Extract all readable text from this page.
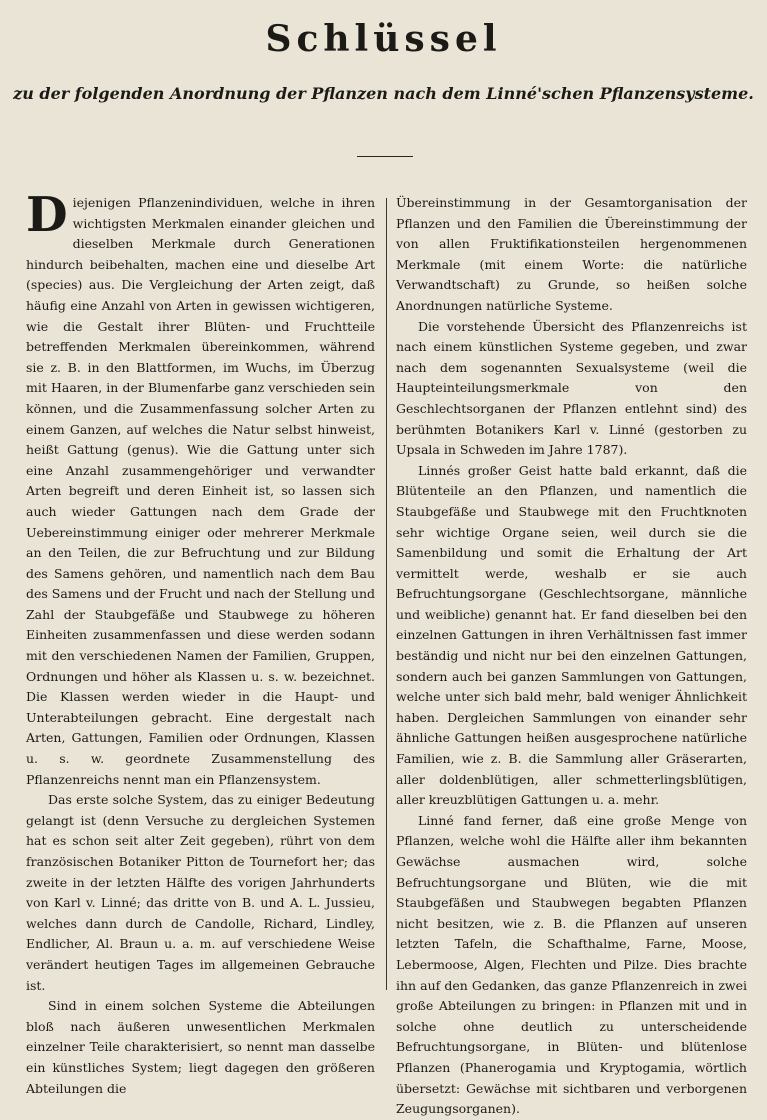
Schlüssel
zu der folgenden Anordnung der Pflanzen nach dem Linné'schen Pflanzensysteme.

Diejenigen Pflanzenindividuen, welche in ihren wichtigsten Merkmalen einander gleichen und dieselben Merkmale durch Generationen hindurch beibehalten, machen eine und dieselbe Art (species) aus. Die Vergleichung der Arten zeigt, daß häufig eine Anzahl von Arten in gewissen wichtigeren, wie die Gestalt ihrer Blüten- und Fruchtteile betreffenden Merkmalen übereinkommen, während sie z. B. in den Blattformen, im Wuchs, im Überzug mit Haaren, in der Blumenfarbe ganz verschieden sein können, und die Zusammenfassung solcher Arten zu einem Ganzen, auf welches die Natur selbst hinweist, heißt Gattung (genus). Wie die Gattung unter sich eine Anzahl zusammengehöriger und verwandter Arten begreift und deren Einheit ist, so lassen sich auch wieder Gattungen nach dem Grade der Uebereinstimmung einiger oder mehrerer Merkmale an den Teilen, die zur Befruchtung und zur Bildung des Samens gehören, und namentlich nach dem Bau des Samens und der Frucht und nach der Stellung und Zahl der Staubgefäße und Staubwege zu höheren Einheiten zusammenfassen und diese werden sodann mit den verschiedenen Namen der Familien, Gruppen, Ordnungen und höher als Klassen u. s. w. bezeichnet. Die Klassen werden wieder in die Haupt- und Unterabteilungen gebracht. Eine dergestalt nach Arten, Gattungen, Familien oder Ordnungen, Klassen u. s. w. geordnete Zusammenstellung des Pflanzenreichs nennt man ein Pflanzensystem.

Das erste solche System, das zu einiger Bedeutung gelangt ist (denn Versuche zu dergleichen Systemen hat es schon seit alter Zeit gegeben), rührt von dem französischen Botaniker Pitton de Tournefort her; das zweite in der letzten Hälfte des vorigen Jahrhunderts von Karl v. Linné; das dritte von B. und A. L. Jussieu, welches dann durch de Candolle, Richard, Lindley, Endlicher, Al. Braun u. a. m. auf verschiedene Weise verändert heutigen Tages im allgemeinen Gebrauche ist.

Sind in einem solchen Systeme die Abteilungen bloß nach äußeren unwesentlichen Merkmalen einzelner Teile charakterisiert, so nennt man dasselbe ein künstliches System; liegt dagegen den größeren Abteilungen die

Übereinstimmung in der Gesamtorganisation der Pflanzen und den Familien die Übereinstimmung der von allen Fruktifikationsteilen hergenommenen Merkmale (mit einem Worte: die natürliche Verwandtschaft) zu Grunde, so heißen solche Anordnungen natürliche Systeme.

Die vorstehende Übersicht des Pflanzenreichs ist nach einem künstlichen Systeme gegeben, und zwar nach dem sogenannten Sexualsysteme (weil die Haupteinteilungsmerkmale von den Geschlechtsorganen der Pflanzen entlehnt sind) des berühmten Botanikers Karl v. Linné (gestorben zu Upsala in Schweden im Jahre 1787).

Linnés großer Geist hatte bald erkannt, daß die Blütenteile an den Pflanzen, und namentlich die Staubgefäße und Staubwege mit den Fruchtknoten sehr wichtige Organe seien, weil durch sie die Samenbildung und somit die Erhaltung der Art vermittelt werde, weshalb er sie auch Befruchtungsorgane (Geschlechtsorgane, männliche und weibliche) genannt hat. Er fand dieselben bei den einzelnen Gattungen in ihren Verhältnissen fast immer beständig und nicht nur bei den einzelnen Gattungen, sondern auch bei ganzen Sammlungen von Gattungen, welche unter sich bald mehr, bald weniger Ähnlichkeit haben. Dergleichen Sammlungen von einander sehr ähnliche Gattungen heißen ausgesprochene natürliche Familien, wie z. B. die Sammlung aller Gräserarten, aller doldenblütigen, aller schmetterlingsblütigen, aller kreuzblütigen Gattungen u. a. mehr.

Linné fand ferner, daß eine große Menge von Pflanzen, welche wohl die Hälfte aller ihm bekannten Gewächse ausmachen wird, solche Befruchtungsorgane und Blüten, wie die mit Staubgefäßen und Staubwegen begabten Pflanzen nicht besitzen, wie z. B. die Pflanzen auf unseren letzten Tafeln, die Schafthalme, Farne, Moose, Lebermoose, Algen, Flechten und Pilze. Dies brachte ihn auf den Gedanken, das ganze Pflanzenreich in zwei große Abteilungen zu bringen: in Pflanzen mit und in solche ohne deutlich zu unterscheidende Befruchtungsorgane, in Blüten- und blütenlose Pflanzen (Phanerogamia und Kryptogamia, wörtlich übersetzt: Gewächse mit sichtbaren und verborgenen Zeugungsorganen).
